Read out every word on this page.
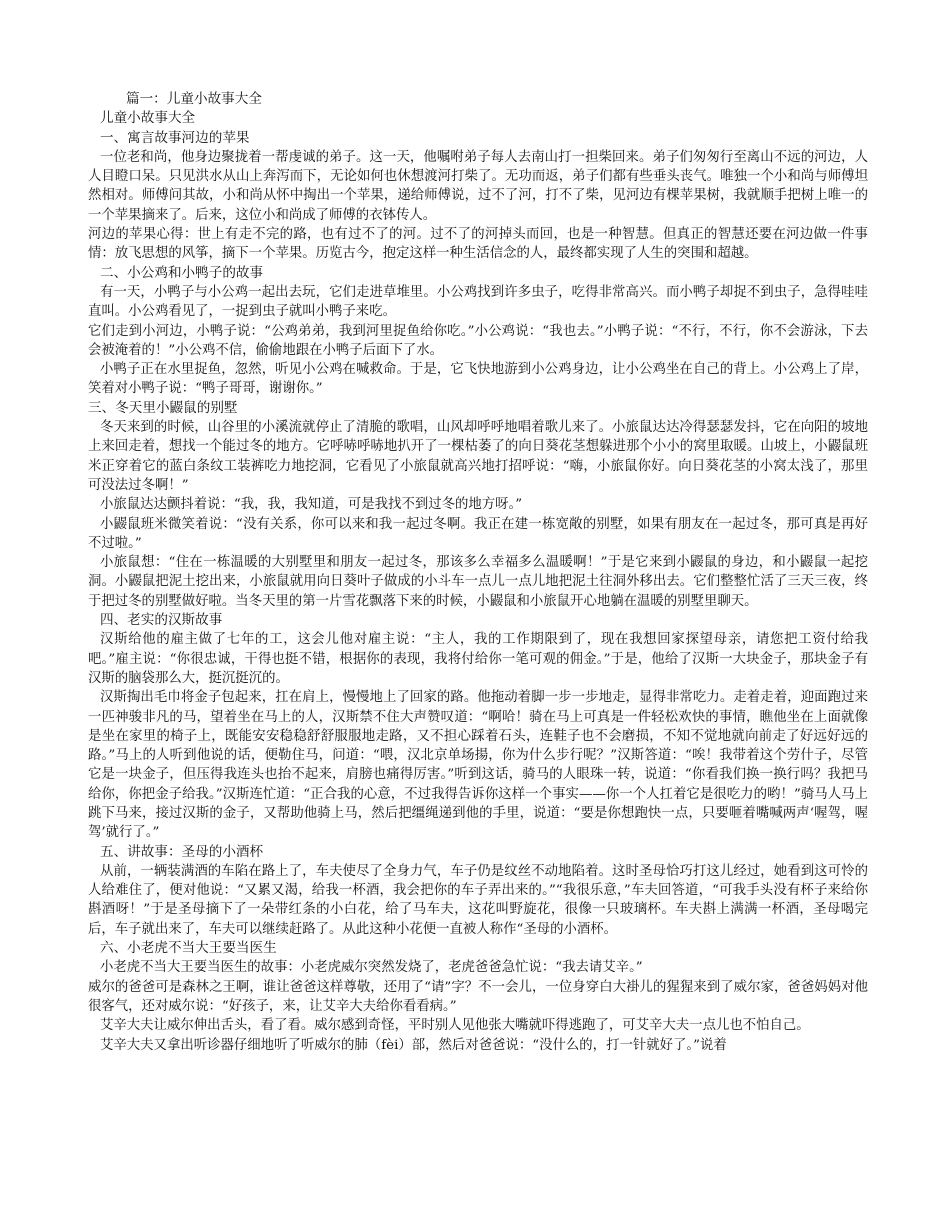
篇一：儿童小故事大全
儿童小故事大全
一、寓言故事河边的苹果

一位老和尚，他身边聚拢着一帮虔诚的弟子。这一天，他嘱咐弟子每人去南山打一担柴回来。弟子们匆匆行至离山不远的河边，人人目瞪口呆。只见洪水从山上奔泻而下，无论如何也休想渡河打柴了。无功而返，弟子们都有些垂头丧气。唯独一个小和尚与师傅坦然相对。师傅问其故，小和尚从怀中掏出一个苹果，递给师傅说，过不了河，打不了柴，见河边有棵苹果树，我就顺手把树上唯一的一个苹果摘来了。后来，这位小和尚成了师傅的衣钵传人。

河边的苹果心得：世上有走不完的路，也有过不了的河。过不了的河掉头而回，也是一种智慧。但真正的智慧还要在河边做一件事情：放飞思想的风筝，摘下一个苹果。历览古今，抱定这样一种生活信念的人，最终都实现了人生的突围和超越。

二、小公鸡和小鸭子的故事

有一天，小鸭子与小公鸡一起出去玩，它们走进草堆里。小公鸡找到许多虫子，吃得非常高兴。而小鸭子却捉不到虫子，急得哇哇直叫。小公鸡看见了，一捉到虫子就叫小鸭子来吃。

它们走到小河边，小鸭子说：“公鸡弟弟，我到河里捉鱼给你吃。”小公鸡说：“我也去。”小鸭子说：“不行，不行，你不会游泳，下去会被淹着的！”小公鸡不信，偷偷地跟在小鸭子后面下了水。

小鸭子正在水里捉鱼，忽然，听见小公鸡在喊救命。于是，它飞快地游到小公鸡身边，让小公鸡坐在自己的背上。小公鸡上了岸，笑着对小鸭子说：“鸭子哥哥，谢谢你。”

三、冬天里小鼹鼠的别墅

冬天来到的时候，山谷里的小溪流就停止了清脆的歌唱，山风却呼呼地唱着歌儿来了。小旅鼠达达冷得瑟瑟发抖，它在向阳的坡地上来回走着，想找一个能过冬的地方。它呼哧呼哧地扒开了一棵枯萎了的向日葵花茎想躲进那个小小的窝里取暖。山坡上，小鼹鼠班米正穿着它的蓝白条纹工装裤吃力地挖洞，它看见了小旅鼠就高兴地打招呼说：“嗨，小旅鼠你好。向日葵花茎的小窝太浅了，那里可没法过冬啊！”

小旅鼠达达颤抖着说：“我，我，我知道，可是我找不到过冬的地方呀。”

小鼹鼠班米微笑着说：“没有关系，你可以来和我一起过冬啊。我正在建一栋宽敞的别墅，如果有朋友在一起过冬，那可真是再好不过啦。”

小旅鼠想：“住在一栋温暖的大别墅里和朋友一起过冬，那该多么幸福多么温暖啊！”于是它来到小鼹鼠的身边，和小鼹鼠一起挖洞。小鼹鼠把泥土挖出来，小旅鼠就用向日葵叶子做成的小斗车一点儿一点儿地把泥土往洞外移出去。它们整整忙活了三天三夜，终于把过冬的别墅做好啦。当冬天里的第一片雪花飘落下来的时候，小鼹鼠和小旅鼠开心地躺在温暖的别墅里聊天。

四、老实的汉斯故事

汉斯给他的雇主做了七年的工，这会儿他对雇主说：“主人，我的工作期限到了，现在我想回家探望母亲，请您把工资付给我吧。”雇主说：“你很忠诚，干得也挺不错，根据你的表现，我将付给你一笔可观的佣金。”于是，他给了汉斯一大块金子，那块金子有汉斯的脑袋那么大，挺沉挺沉的。

汉斯掏出毛巾将金子包起来，扛在肩上，慢慢地上了回家的路。他拖动着脚一步一步地走，显得非常吃力。走着走着，迎面跑过来一匹神骏非凡的马，望着坐在马上的人，汉斯禁不住大声赞叹道：“啊哈！骑在马上可真是一件轻松欢快的事情，瞧他坐在上面就像是坐在家里的椅子上，既能安安稳稳舒舒服服地走路，又不担心踩着石头，连鞋子也不会磨损，不知不觉地就向前走了好远好远的路。”马上的人听到他说的话，便勒住马，问道：“喂，汉北京单场揚，你为什么步行呢？”汉斯答道：“唉！我带着这个劳什子，尽管它是一块金子，但压得我连头也抬不起来，肩膀也痛得厉害。”听到这话，骑马的人眼珠一转，说道：“你看我们换一换行吗？我把马给你，你把金子给我。”汉斯连忙道：“正合我的心意，不过我得告诉你这样一个事实——你一个人扛着它是很吃力的哟！”骑马人马上跳下马来，接过汉斯的金子，又帮助他骑上马，然后把缰绳递到他的手里，说道：“要是你想跑快一点，只要咂着嘴喊两声‘喔驾，喔驾’就行了。”

五、讲故事：圣母的小酒杯

从前，一辆装满酒的车陷在路上了，车夫使尽了全身力气，车子仍是纹丝不动地陷着。这时圣母恰巧打这儿经过，她看到这可怜的人给难住了，便对他说：“又累又渴，给我一杯酒，我会把你的车子弄出来的。”“我很乐意，”车夫回答道，“可我手头没有杯子来给你斟酒呀！”于是圣母摘下了一朵带红条的小白花，给了马车夫，这花叫野旋花，很像一只玻璃杯。车夫斟上满满一杯酒，圣母喝完后，车子就出来了，车夫可以继续赶路了。从此这种小花便一直被人称作“圣母的小酒杯。

六、小老虎不当大王要当医生

小老虎不当大王要当医生的故事：小老虎威尔突然发烧了，老虎爸爸急忙说：“我去请艾辛。”

威尔的爸爸可是森林之王啊，谁让爸爸这样尊敬，还用了“请”字？不一会儿，一位身穿白大褂儿的猩猩来到了威尔家，爸爸妈妈对他很客气，还对威尔说：“好孩子，来，让艾辛大夫给你看看病。”

艾辛大夫让威尔伸出舌头，看了看。威尔感到奇怪，平时别人见他张大嘴就吓得逃跑了，可艾辛大夫一点儿也不怕自己。

艾辛大夫又拿出听诊器仔细地听了听威尔的肺（fèi）部，然后对爸爸说：“没什么的，打一针就好了。”说着
